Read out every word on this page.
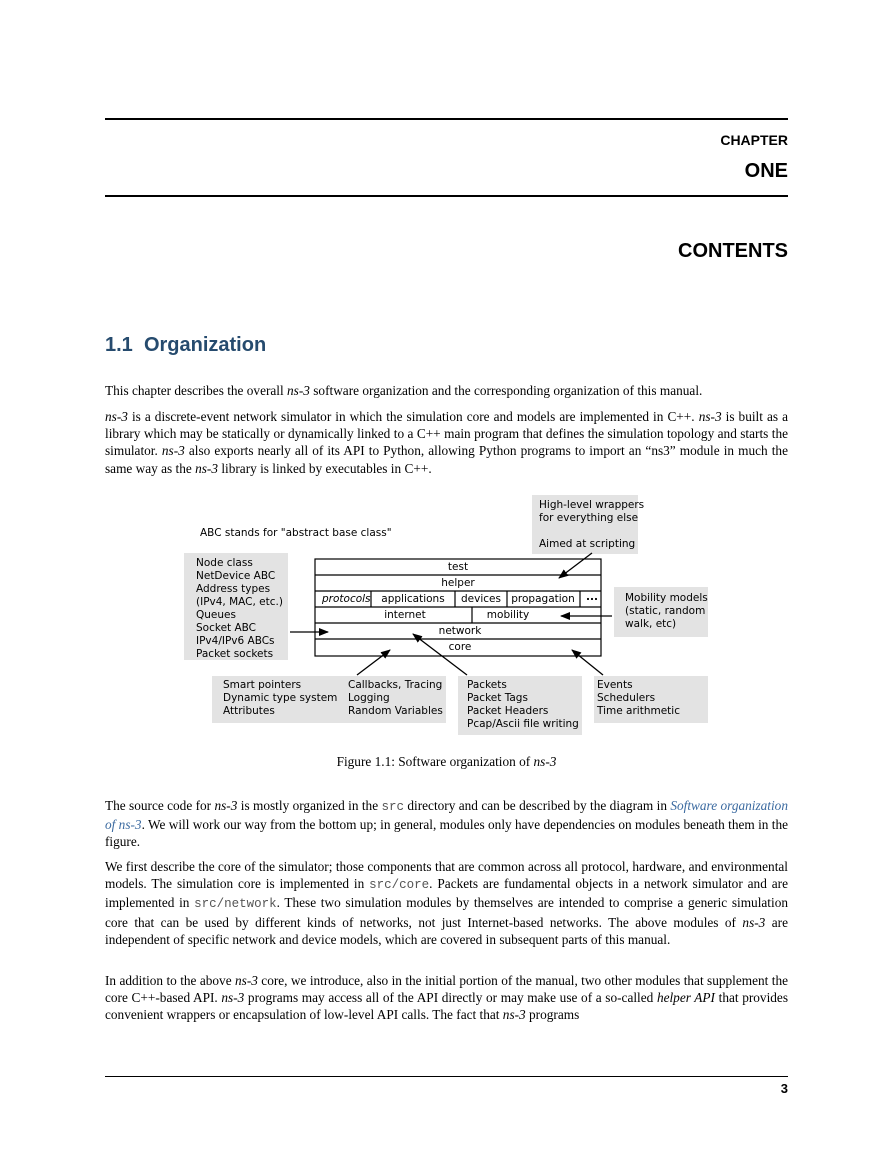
CHAPTER
ONE
CONTENTS
1.1 Organization

This chapter describes the overall ns-3 software organization and the corresponding organization of this manual.

ns-3 is a discrete-event network simulator in which the simulation core and models are implemented in C++. ns-3 is built as a library which may be statically or dynamically linked to a C++ main program that defines the simulation topology and starts the simulator. ns-3 also exports nearly all of its API to Python, allowing Python programs to import an “ns3” module in much the same way as the ns-3 library is linked by executables in C++.

High-level wrappers
for everything else
Aimed at scripting
ABC stands for "abstract base class"
Node class
NetDevice ABC
Address types
(IPv4, MAC, etc.)
Queues
Socket ABC
IPv4/IPv6 ABCs
Packet sockets
Mobility models
(static, random
walk, etc)
Smart pointers
Dynamic type system
Attributes
Callbacks, Tracing
Logging
Random Variables
Packets
Packet Tags
Packet Headers
Pcap/Ascii file writing
Events
Schedulers
Time arithmetic
test
helper
protocols applications devices propagation ...
internet	mobility
network
core
Figure 1.1: Software organization of ns-3

The source code for ns-3 is mostly organized in the src directory and can be described by the diagram in Software organization of ns-3. We will work our way from the bottom up; in general, modules only have dependencies on modules beneath them in the figure.

We first describe the core of the simulator; those components that are common across all protocol, hardware, and environmental models. The simulation core is implemented in src/core. Packets are fundamental objects in a network simulator and are implemented in src/network. These two simulation modules by themselves are intended to comprise a generic simulation core that can be used by different kinds of networks, not just Internet-based networks. The above modules of ns-3 are independent of specific network and device models, which are covered in subsequent parts of this manual.

In addition to the above ns-3 core, we introduce, also in the initial portion of the manual, two other modules that supplement the core C++-based API. ns-3 programs may access all of the API directly or may make use of a so-called helper API that provides convenient wrappers or encapsulation of low-level API calls. The fact that ns-3 programs

3
